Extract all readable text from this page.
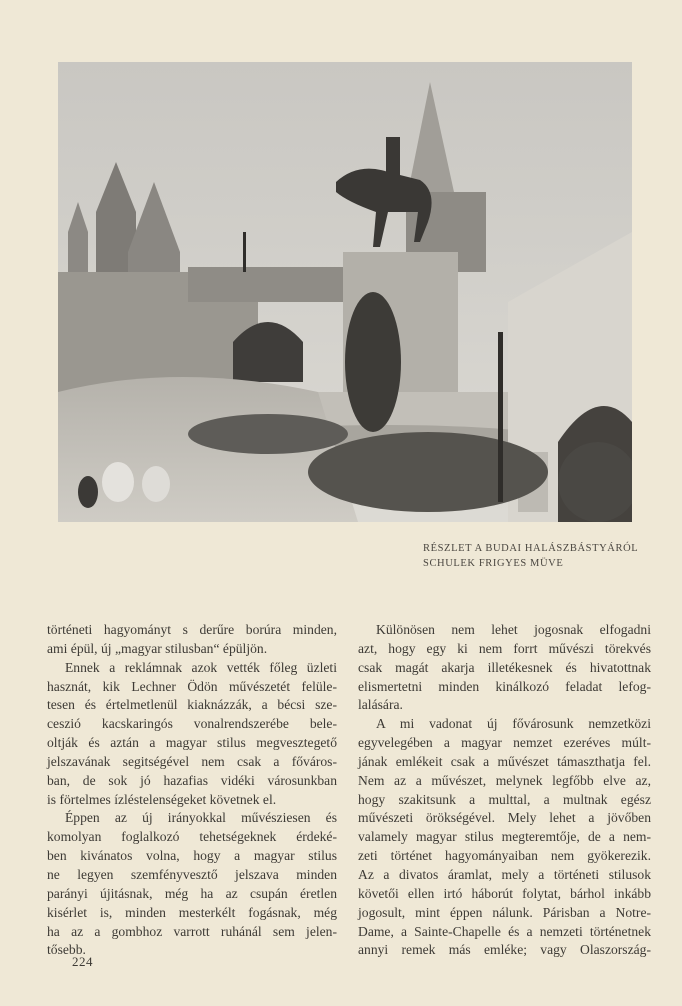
RÉSZLET A BUDAI HALÁSZBÁSTYÁRÓL
SCHULEK FRIGYES MÜVE
történeti hagyományt s derűre borúra minden,
ami épül, új „magyar stilusban“ épüljön.
Ennek a reklámnak azok vették főleg üzleti
hasznát, kik Lechner Ödön művészetét felüle-
tesen és értelmetlenül kiaknázzák, a bécsi sze-
ceszió kacskaringós vonalrendszerébe bele-
oltják és aztán a magyar stilus megvesztegető
jelszavának segitségével nem csak a főváros-
ban, de sok jó hazafias vidéki városunkban
is förtelmes ízléstelenségeket követnek el.
Éppen az új irányokkal művésziesen és
komolyan foglalkozó tehetségeknek érdeké-
ben kivánatos volna, hogy a magyar stilus
ne legyen szemfényvesztő jelszava minden
parányi újitásnak, még ha az csupán éretlen
kisérlet is, minden mesterkélt fogásnak, még
ha az a gombhoz varrott ruhánál sem jelen-
tősebb.
Különösen nem lehet jogosnak elfogadni
azt, hogy egy ki nem forrt művészi törekvés
csak magát akarja illetékesnek és hivatottnak
elismertetni minden kinálkozó feladat lefog-
lalására.
A mi vadonat új fővárosunk nemzetközi
egyvelegében a magyar nemzet ezeréves múlt-
jának emlékeit csak a művészet támaszthatja fel.
Nem az a művészet, melynek legfőbb elve az,
hogy szakitsunk a multtal, a multnak egész
művészeti örökségével. Mely lehet a jövőben
valamely magyar stilus megteremtője, de a nem-
zeti történet hagyományaiban nem gyökerezik.
Az a divatos áramlat, mely a történeti stilusok
követői ellen irtó háborút folytat, bárhol inkább
jogosult, mint éppen nálunk. Párisban a Notre-
Dame, a Sainte-Chapelle és a nemzeti történetnek
annyi remek más emléke; vagy Olaszország-
224
